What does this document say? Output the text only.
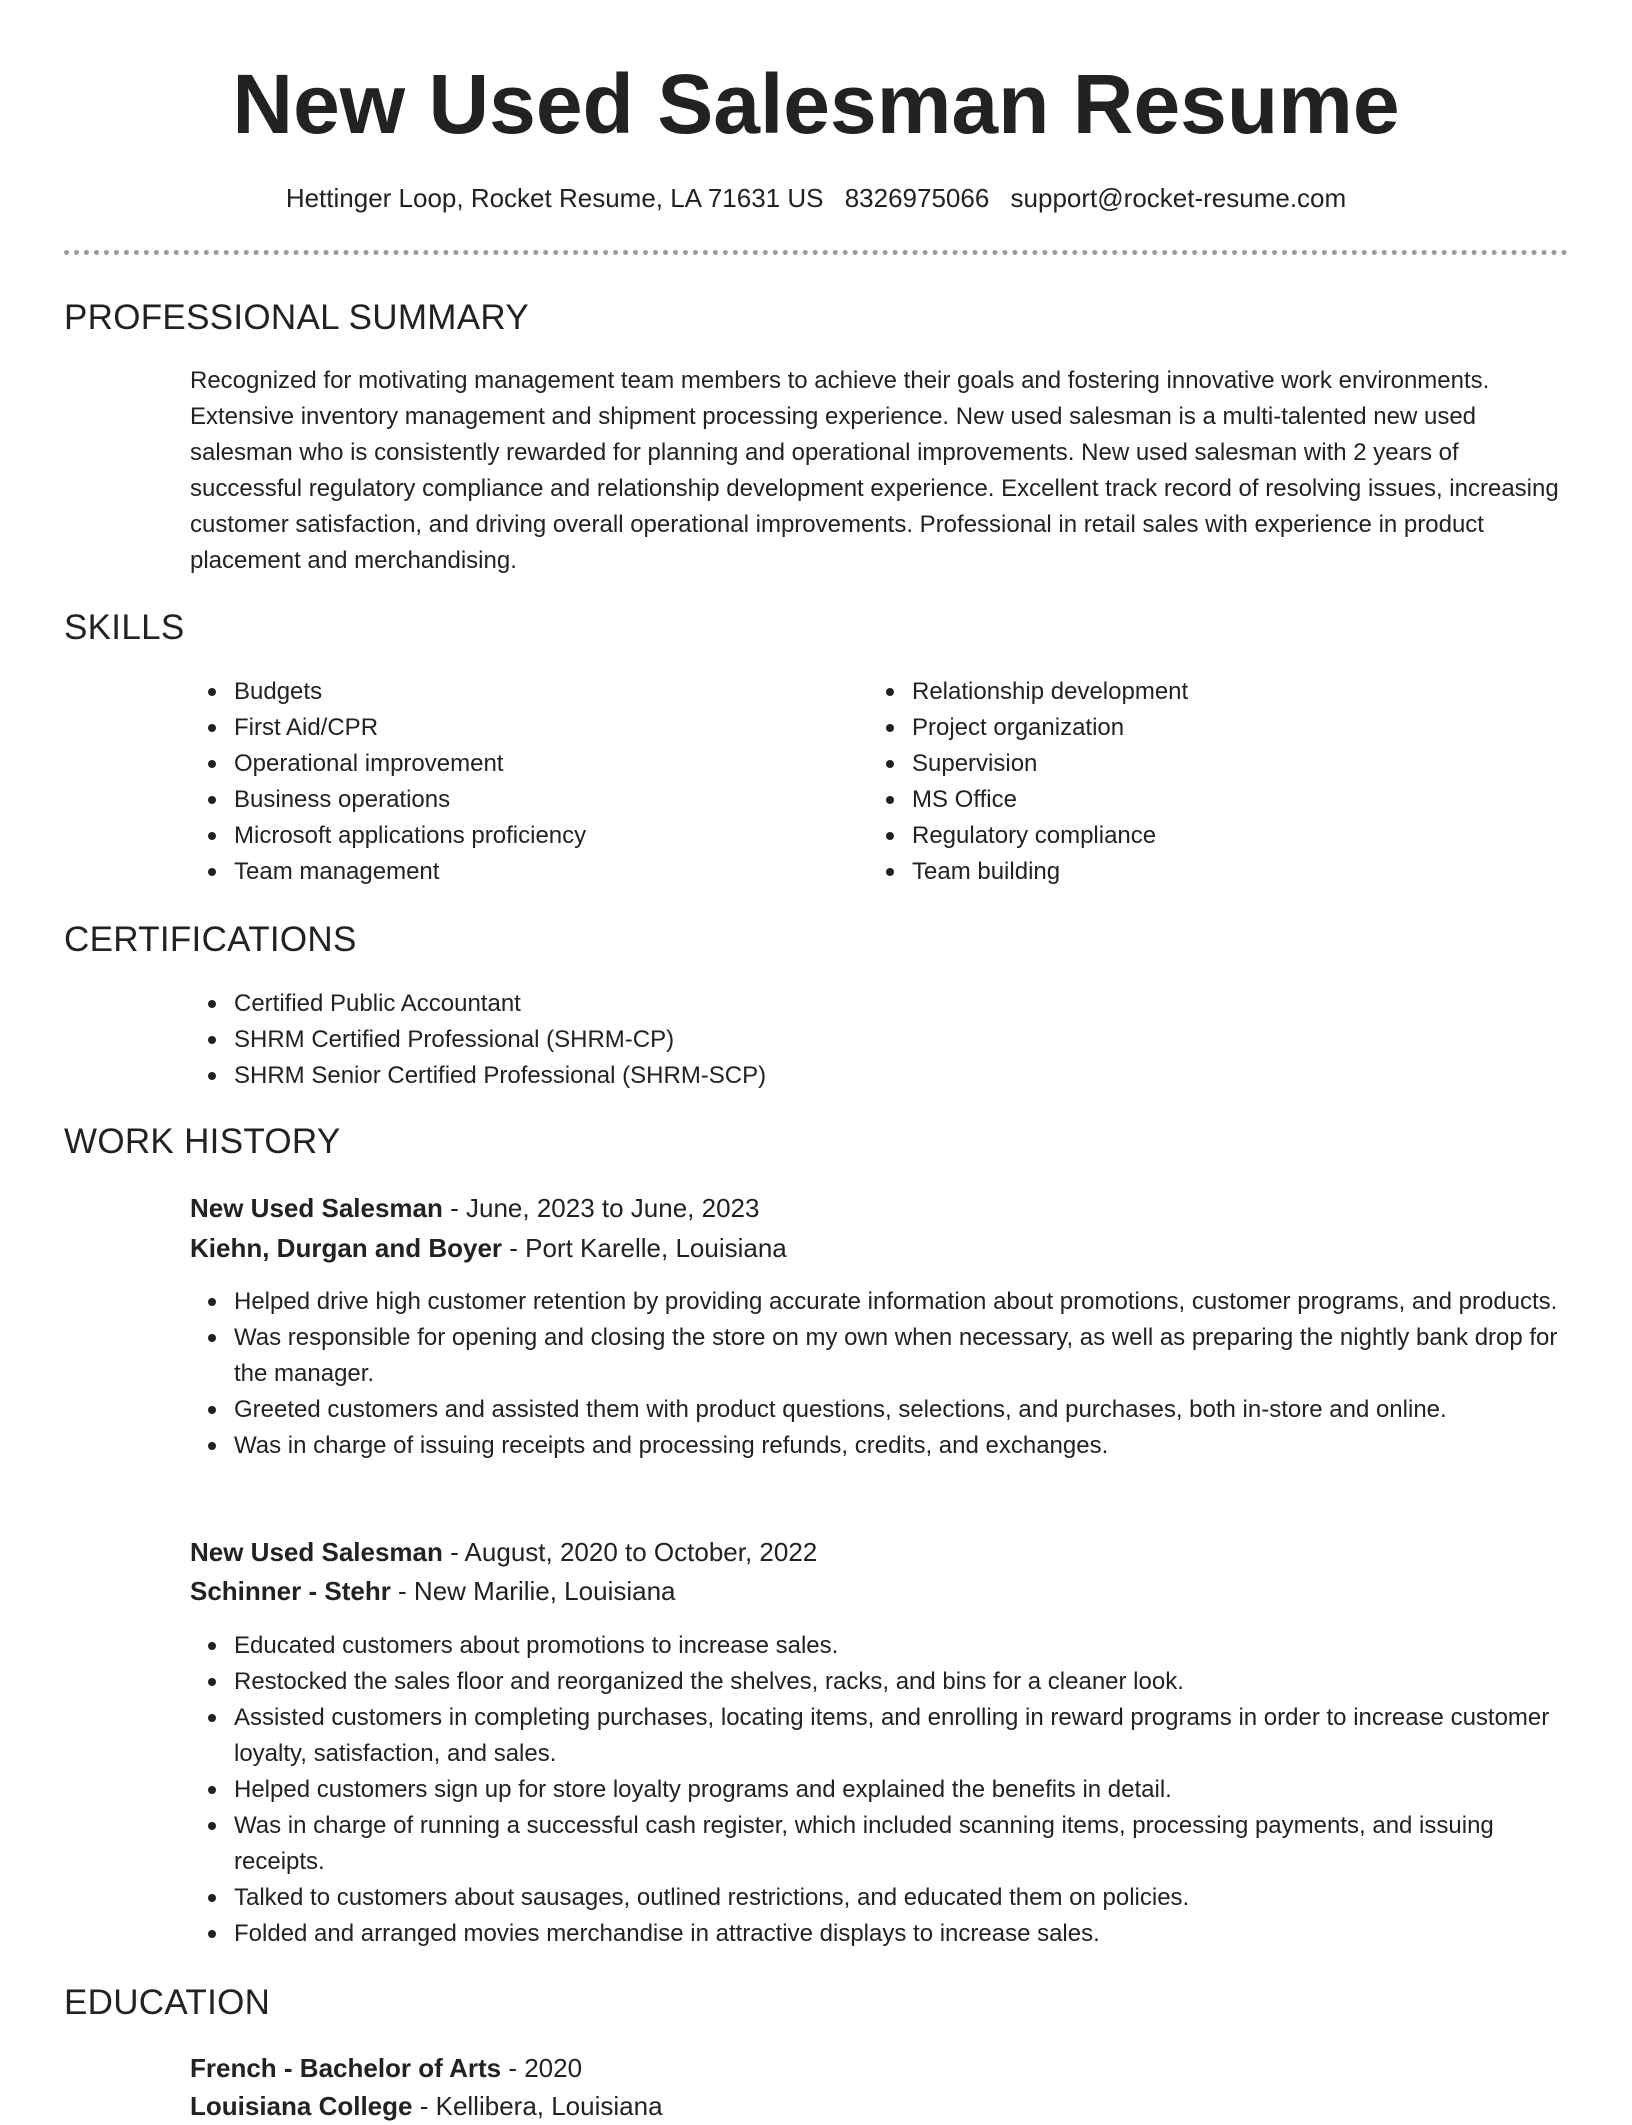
New Used Salesman Resume
Hettinger Loop, Rocket Resume, LA 71631 US 8326975066 support@rocket-resume.com
PROFESSIONAL SUMMARY

Recognized for motivating management team members to achieve their goals and fostering innovative work environments. Extensive inventory management and shipment processing experience. New used salesman is a multi-talented new used salesman who is consistently rewarded for planning and operational improvements. New used salesman with 2 years of successful regulatory compliance and relationship development experience. Excellent track record of resolving issues, increasing customer satisfaction, and driving overall operational improvements. Professional in retail sales with experience in product placement and merchandising.

SKILLS
Budgets
First Aid/CPR
Operational improvement
Business operations
Microsoft applications proficiency
Team management
Relationship development
Project organization
Supervision
MS Office
Regulatory compliance
Team building
CERTIFICATIONS
Certified Public Accountant
SHRM Certified Professional (SHRM-CP)
SHRM Senior Certified Professional (SHRM-SCP)
WORK HISTORY
New Used Salesman - June, 2023 to June, 2023
Kiehn, Durgan and Boyer - Port Karelle, Louisiana
Helped drive high customer retention by providing accurate information about promotions, customer programs, and products.
Was responsible for opening and closing the store on my own when necessary, as well as preparing the nightly bank drop for the manager.
Greeted customers and assisted them with product questions, selections, and purchases, both in-store and online.
Was in charge of issuing receipts and processing refunds, credits, and exchanges.
New Used Salesman - August, 2020 to October, 2022
Schinner - Stehr - New Marilie, Louisiana
Educated customers about promotions to increase sales.
Restocked the sales floor and reorganized the shelves, racks, and bins for a cleaner look.
Assisted customers in completing purchases, locating items, and enrolling in reward programs in order to increase customer loyalty, satisfaction, and sales.
Helped customers sign up for store loyalty programs and explained the benefits in detail.
Was in charge of running a successful cash register, which included scanning items, processing payments, and issuing receipts.
Talked to customers about sausages, outlined restrictions, and educated them on policies.
Folded and arranged movies merchandise in attractive displays to increase sales.
EDUCATION
French - Bachelor of Arts - 2020
Louisiana College - Kellibera, Louisiana
